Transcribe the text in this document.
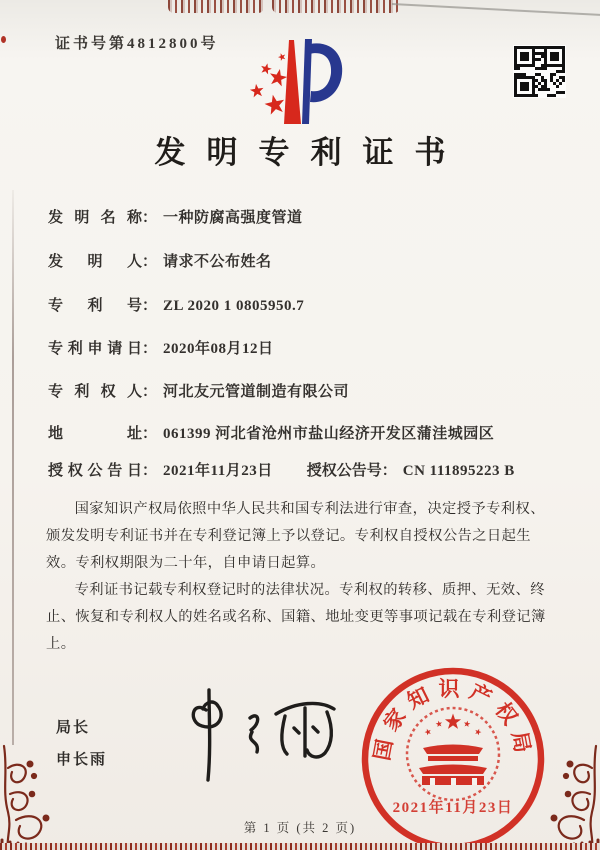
证书号第4812800号
发明专利证书
发明名称： 一种防腐高强度管道
发明人： 请求不公布姓名
专利号： ZL 2020 1 0805950.7
专利申请日： 2020年08月12日
专利权人： 河北友元管道制造有限公司
地址： 061399 河北省沧州市盐山经济开发区蒲洼城园区
授权公告日： 2021年11月23日 授权公告号： CN 111895223 B

国家知识产权局依照中华人民共和国专利法进行审查，决定授予专利权、颁发发明专利证书并在专利登记簿上予以登记。专利权自授权公告之日起生效。专利权期限为二十年，自申请日起算。

专利证书记载专利权登记时的法律状况。专利权的转移、质押、无效、终止、恢复和专利权人的姓名或名称、国籍、地址变更等事项记载在专利登记簿上。

局长
申长雨	国家知识产权局
2021年11月23日
第 1 页 (共 2 页)
